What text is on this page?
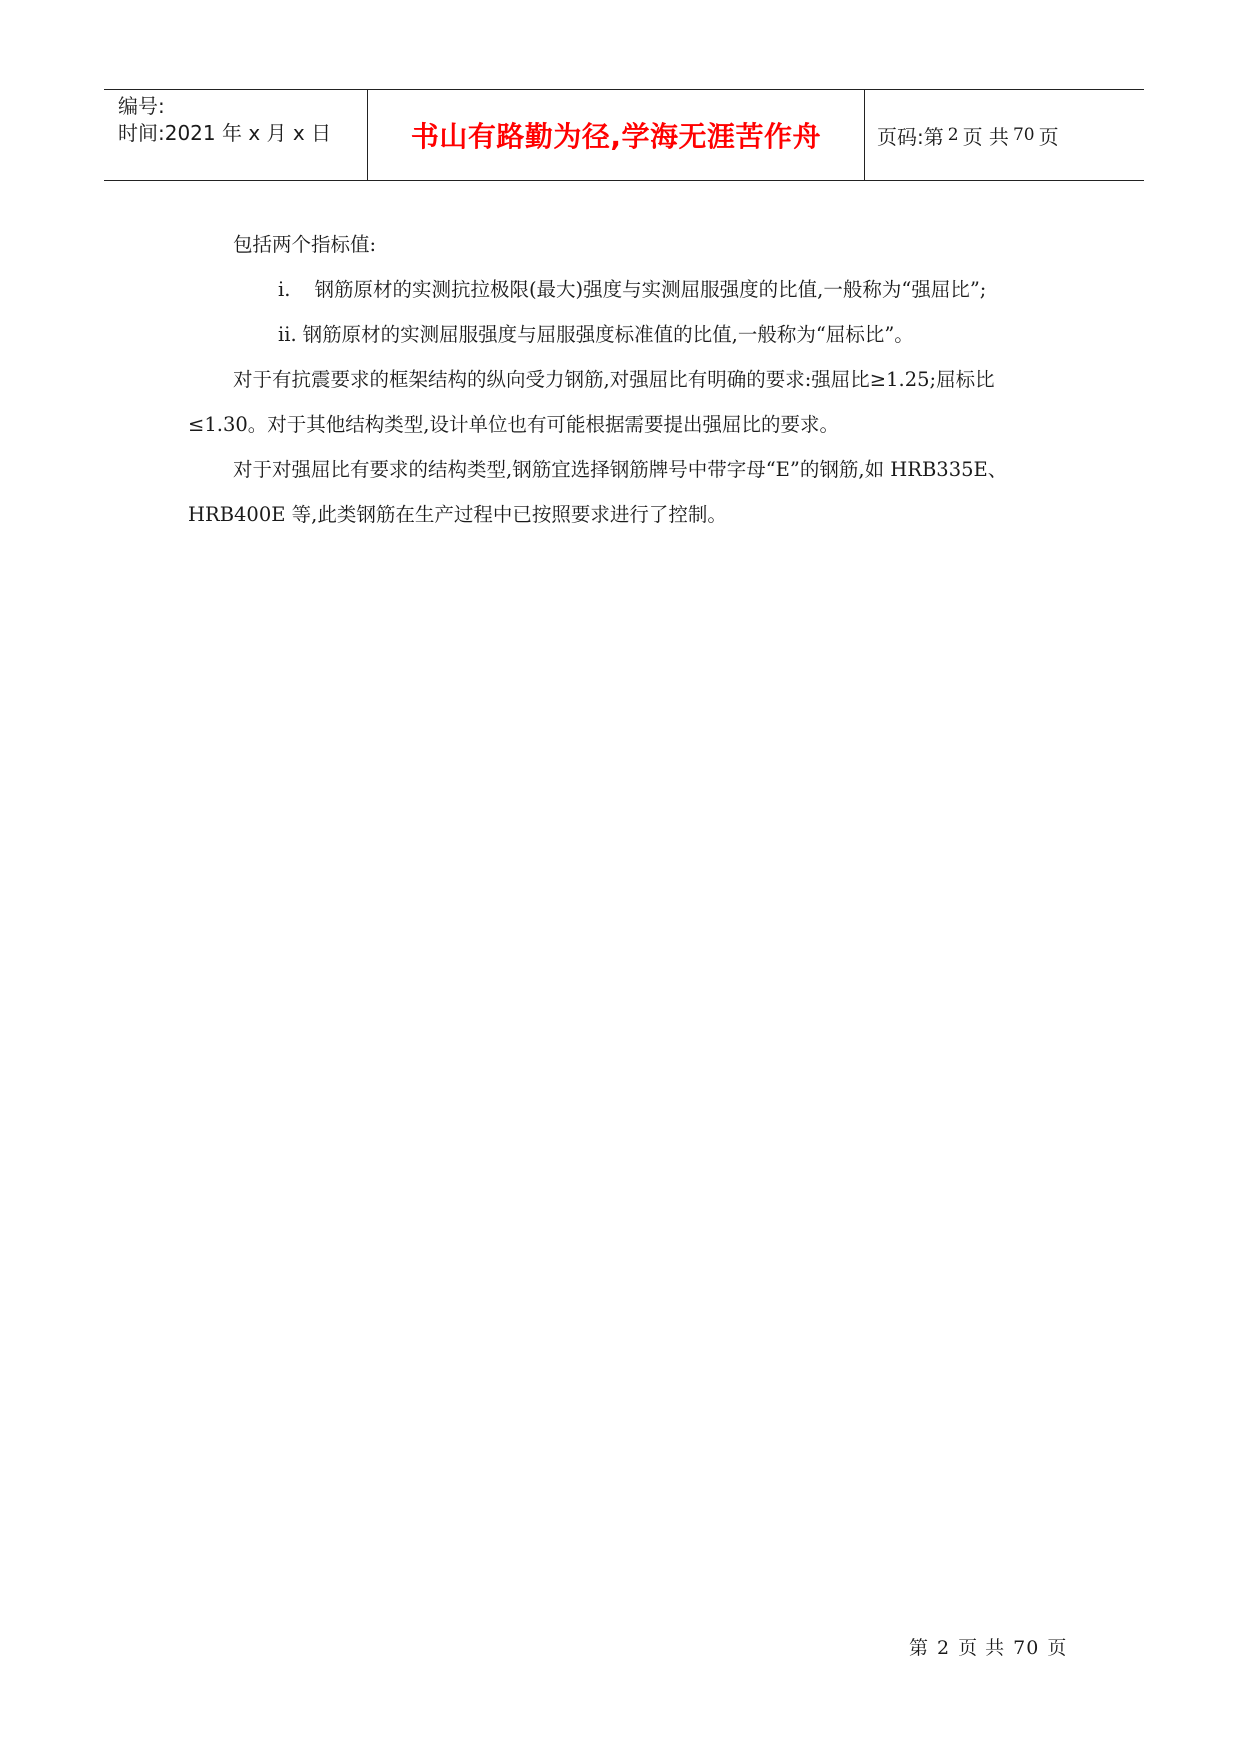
编号:
时间:2021 年 x 月 x 日	书山有路勤为径,学海无涯苦作舟	页码:第 2 页 共 70 页

包括两个指标值:

i. 钢筋原材的实测抗拉极限(最大)强度与实测屈服强度的比值,一般称为“强屈比”;

ii. 钢筋原材的实测屈服强度与屈服强度标准值的比值,一般称为“屈标比”。

对于有抗震要求的框架结构的纵向受力钢筋,对强屈比有明确的要求:强屈比≥1.25;屈标比≤1.30。对于其他结构类型,设计单位也有可能根据需要提出强屈比的要求。

对于对强屈比有要求的结构类型,钢筋宜选择钢筋牌号中带字母“E”的钢筋,如 HRB335E、HRB400E 等,此类钢筋在生产过程中已按照要求进行了控制。

第 2 页 共 70 页
